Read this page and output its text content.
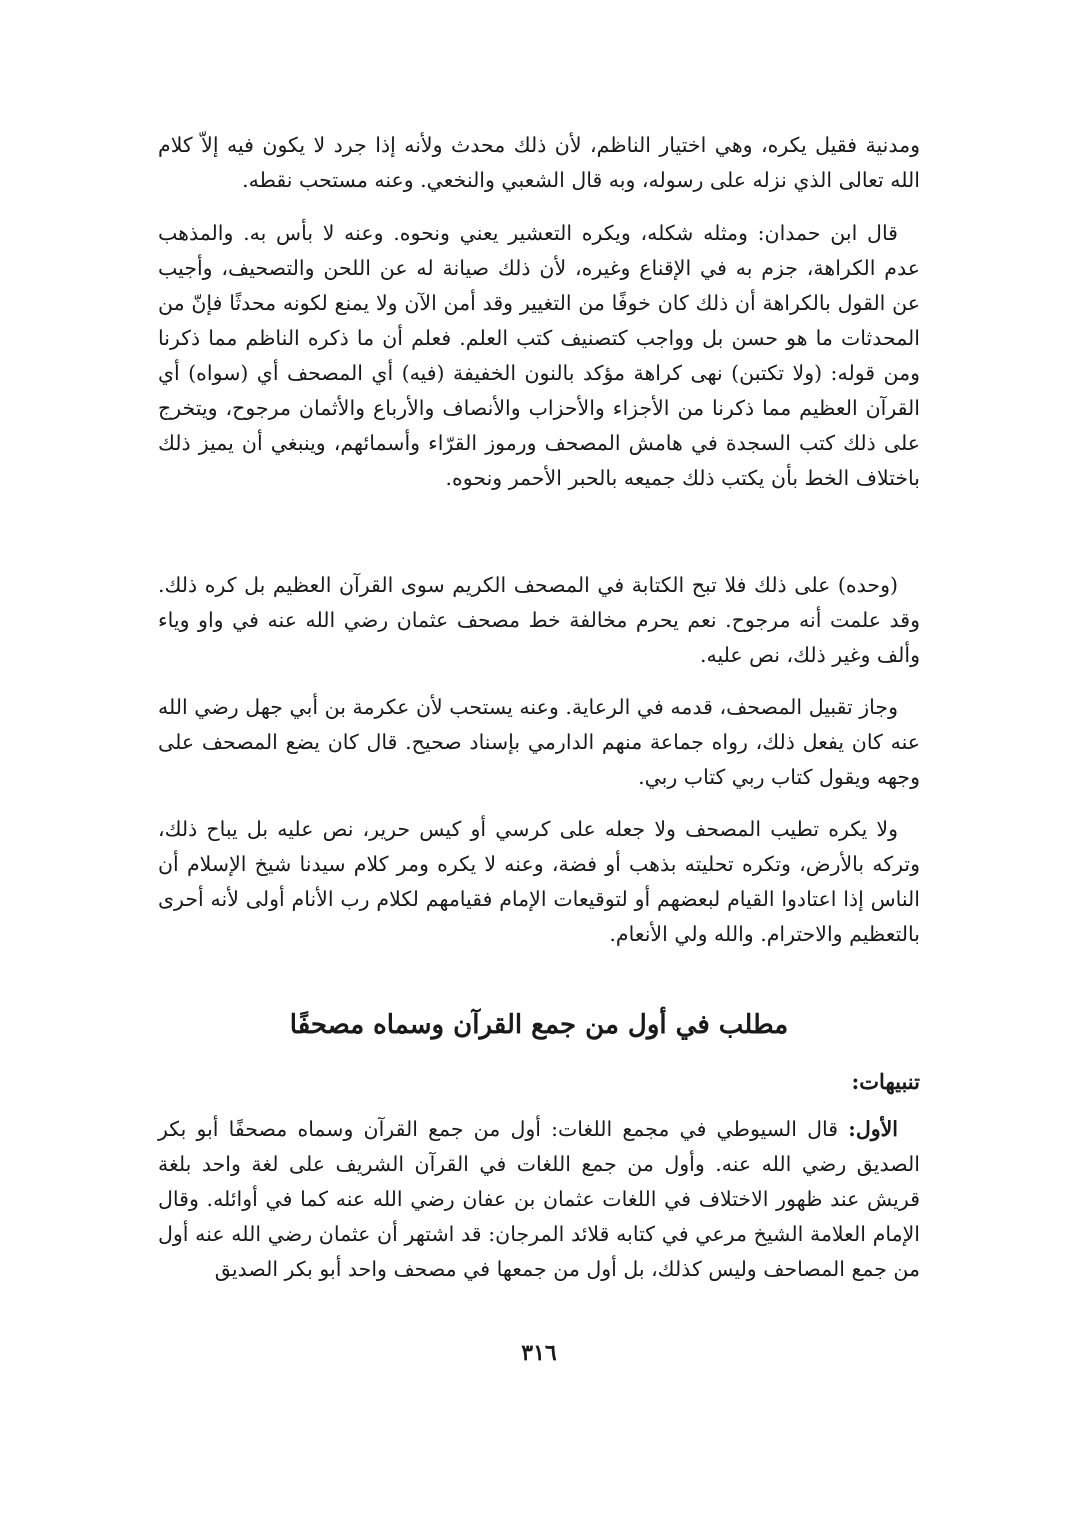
ومدنية فقيل يكره، وهي اختيار الناظم، لأن ذلك محدث ولأنه إذا جرد لا يكون فيه إلاّ كلام الله تعالى الذي نزله على رسوله، وبه قال الشعبي والنخعي. وعنه مستحب نقطه.

قال ابن حمدان: ومثله شكله، ويكره التعشير يعني ونحوه. وعنه لا بأس به. والمذهب عدم الكراهة، جزم به في الإقناع وغيره، لأن ذلك صيانة له عن اللحن والتصحيف، وأجيب عن القول بالكراهة أن ذلك كان خوفًا من التغيير وقد أمن الآن ولا يمنع لكونه محدثًا فإنّ من المحدثات ما هو حسن بل وواجب كتصنيف كتب العلم. فعلم أن ما ذكره الناظم مما ذكرنا ومن قوله: (ولا تكتبن) نهى كراهة مؤكد بالنون الخفيفة (فيه) أي المصحف أي (سواه) أي القرآن العظيم مما ذكرنا من الأجزاء والأحزاب والأنصاف والأرباع والأثمان مرجوح، ويتخرج على ذلك كتب السجدة في هامش المصحف ورموز القرّاء وأسمائهم، وينبغي أن يميز ذلك باختلاف الخط بأن يكتب ذلك جميعه بالحبر الأحمر ونحوه.

(وحده) على ذلك فلا تبح الكتابة في المصحف الكريم سوى القرآن العظيم بل كره ذلك. وقد علمت أنه مرجوح. نعم يحرم مخالفة خط مصحف عثمان رضي الله عنه في واو وياء وألف وغير ذلك، نص عليه.

وجاز تقبيل المصحف، قدمه في الرعاية. وعنه يستحب لأن عكرمة بن أبي جهل رضي الله عنه كان يفعل ذلك، رواه جماعة منهم الدارمي بإسناد صحيح. قال كان يضع المصحف على وجهه ويقول كتاب ربي كتاب ربي.

ولا يكره تطيب المصحف ولا جعله على كرسي أو كيس حرير، نص عليه بل يباح ذلك، وتركه بالأرض، وتكره تحليته بذهب أو فضة، وعنه لا يكره ومر كلام سيدنا شيخ الإسلام أن الناس إذا اعتادوا القيام لبعضهم أو لتوقيعات الإمام فقيامهم لكلام رب الأنام أولى لأنه أحرى بالتعظيم والاحترام. والله ولي الأنعام.

مطلب في أول من جمع القرآن وسماه مصحفًا
تنبيهات:

الأول: قال السيوطي في مجمع اللغات: أول من جمع القرآن وسماه مصحفًا أبو بكر الصديق رضي الله عنه. وأول من جمع اللغات في القرآن الشريف على لغة واحد بلغة قريش عند ظهور الاختلاف في اللغات عثمان بن عفان رضي الله عنه كما في أوائله. وقال الإمام العلامة الشيخ مرعي في كتابه قلائد المرجان: قد اشتهر أن عثمان رضي الله عنه أول من جمع المصاحف وليس كذلك، بل أول من جمعها في مصحف واحد أبو بكر الصديق

٣١٦
